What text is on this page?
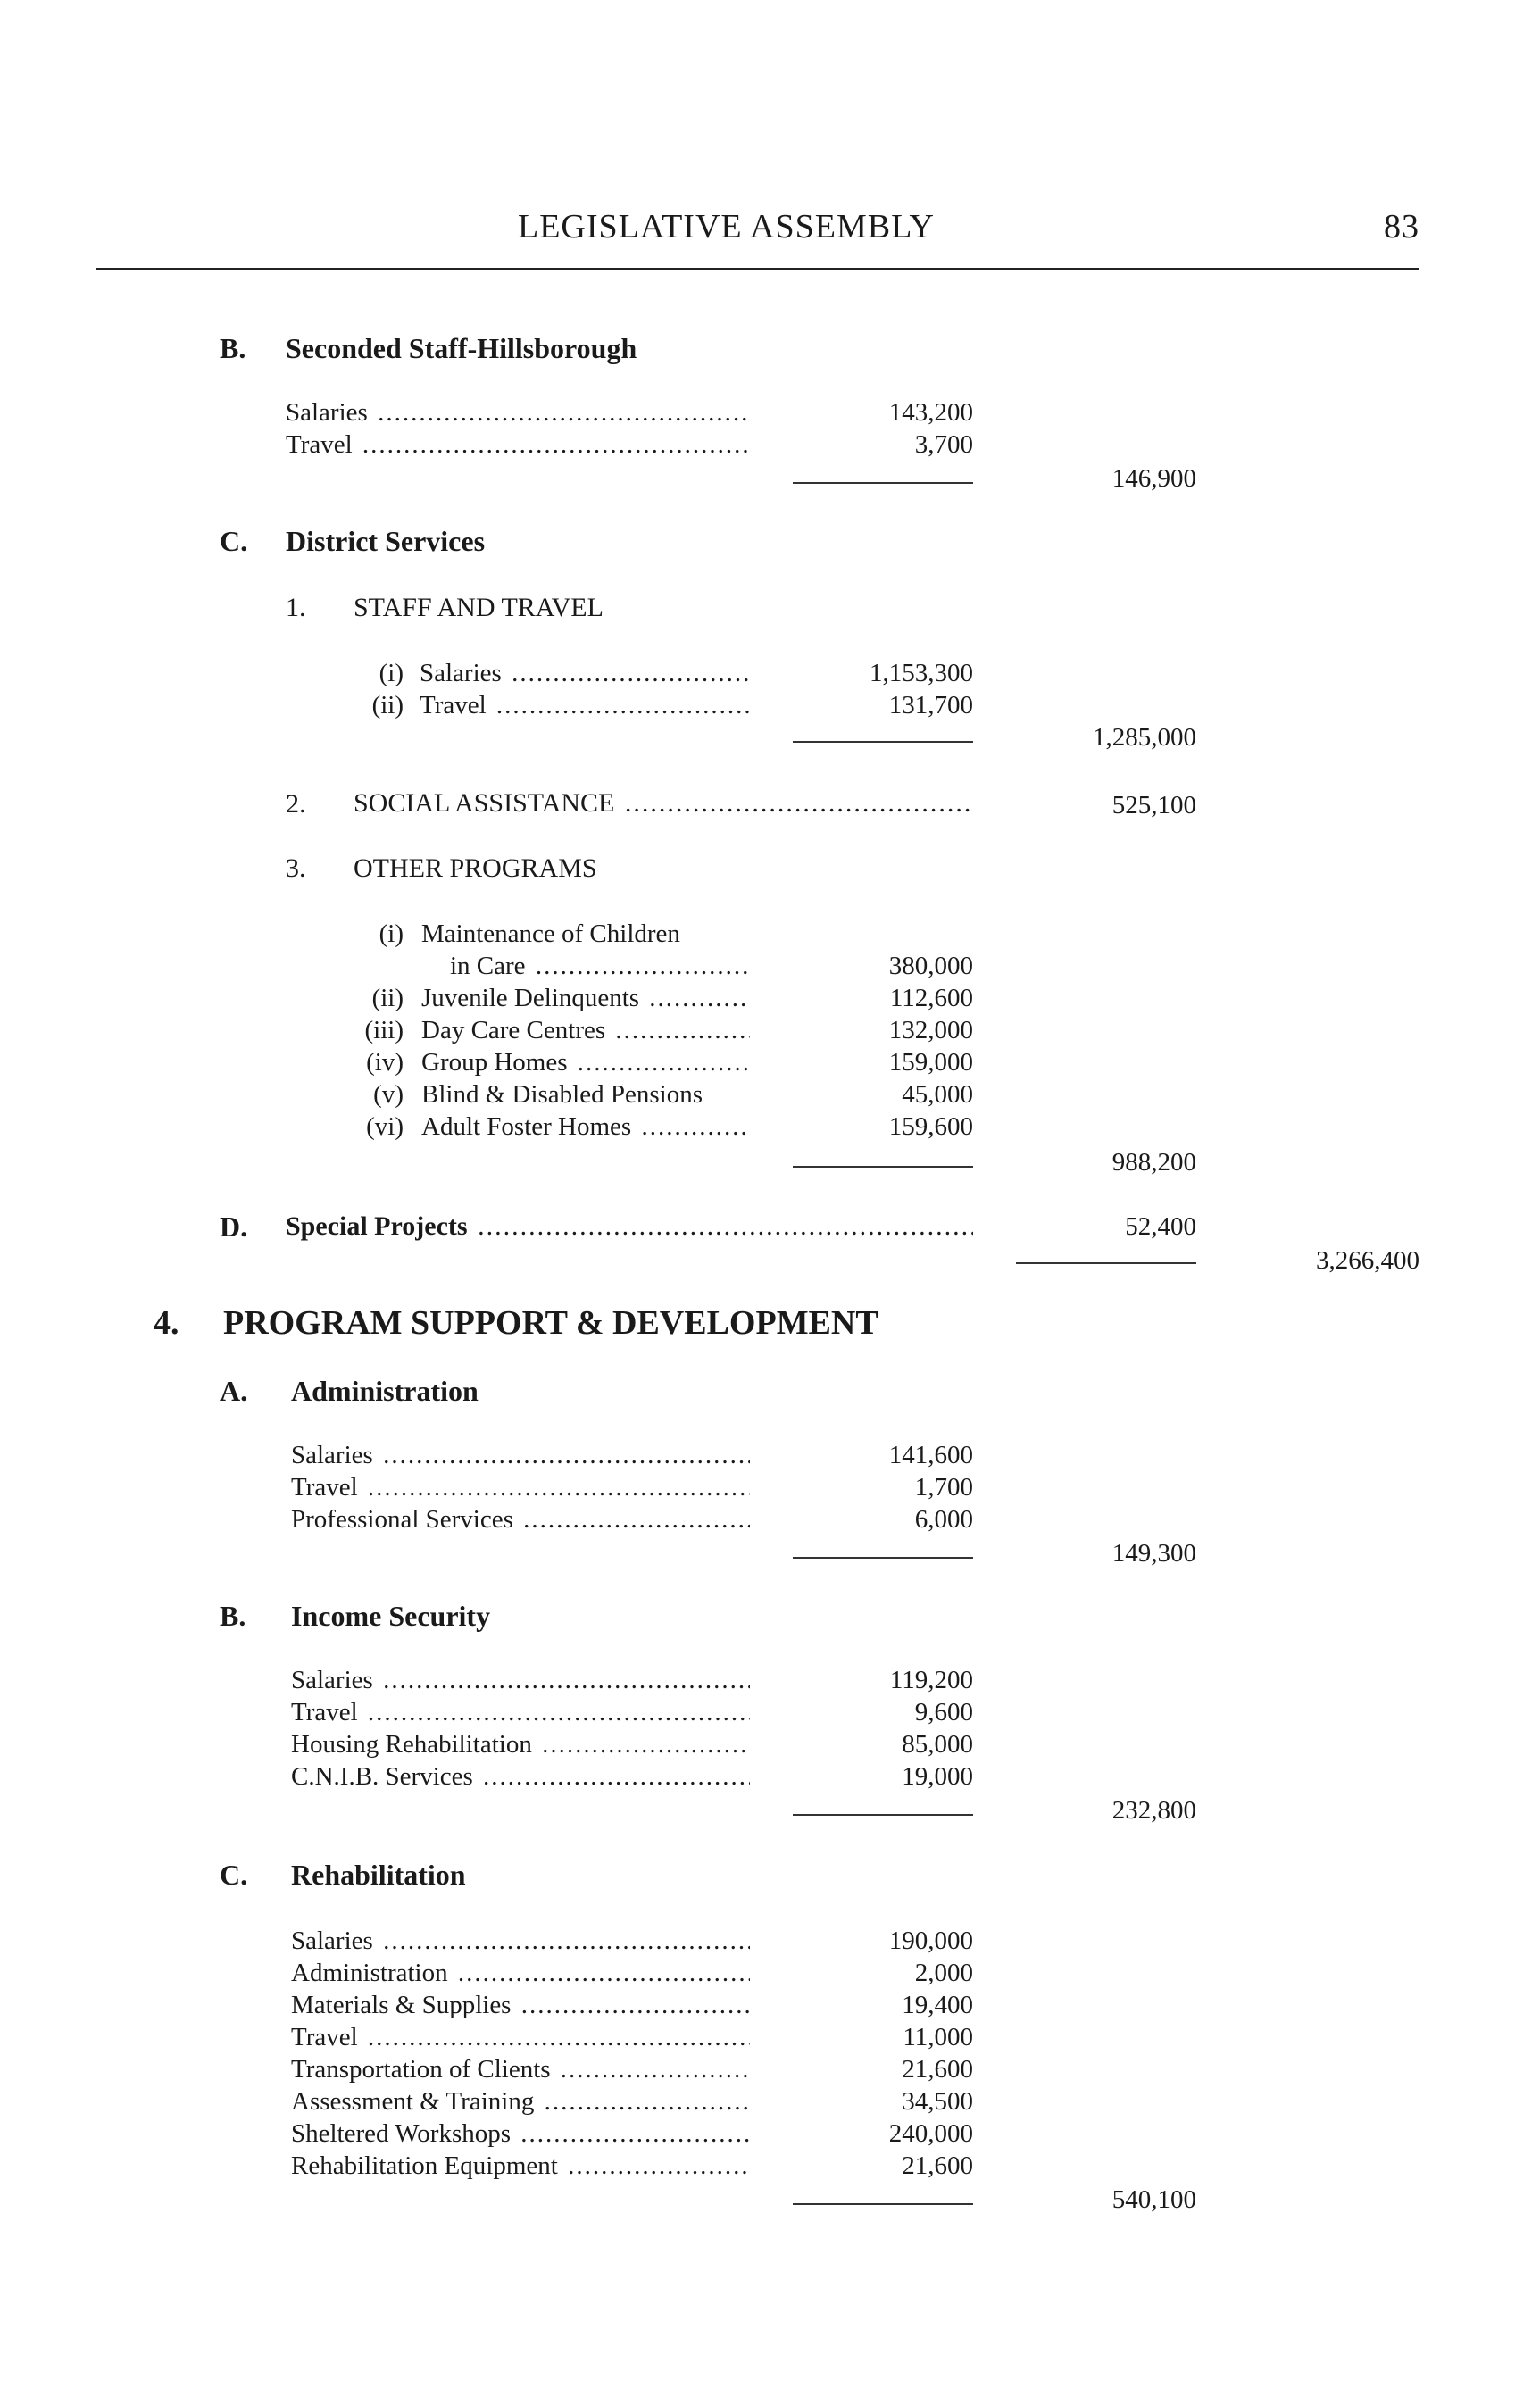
LEGISLATIVE ASSEMBLY	83
B. Seconded Staff-Hillsborough
Salaries .....	143,200
Travel .....	3,700
146,900
C. District Services
1. STAFF AND TRAVEL
(i) Salaries .....	1,153,300
(ii) Travel .....	131,700
1,285,000
2. SOCIAL ASSISTANCE .....	525,100
3. OTHER PROGRAMS
(i) Maintenance of Children
in Care .....	380,000
(ii) Juvenile Delinquents .....	112,600
(iii) Day Care Centres .....	132,000
(iv) Group Homes .....	159,000
(v) Blind & Disabled Pensions	45,000
(vi) Adult Foster Homes .....	159,600
988,200
D. Special Projects .....	52,400
3,266,400
4. PROGRAM SUPPORT & DEVELOPMENT
A. Administration
Salaries .....	141,600
Travel .....	1,700
Professional Services .....	6,000
149,300
B. Income Security
Salaries .....	119,200
Travel .....	9,600
Housing Rehabilitation .....	85,000
C.N.I.B. Services .....	19,000
232,800
C. Rehabilitation
Salaries .....	190,000
Administration .....	2,000
Materials & Supplies .....	19,400
Travel .....	11,000
Transportation of Clients .....	21,600
Assessment & Training .....	34,500
Sheltered Workshops .....	240,000
Rehabilitation Equipment .....	21,600
540,100
